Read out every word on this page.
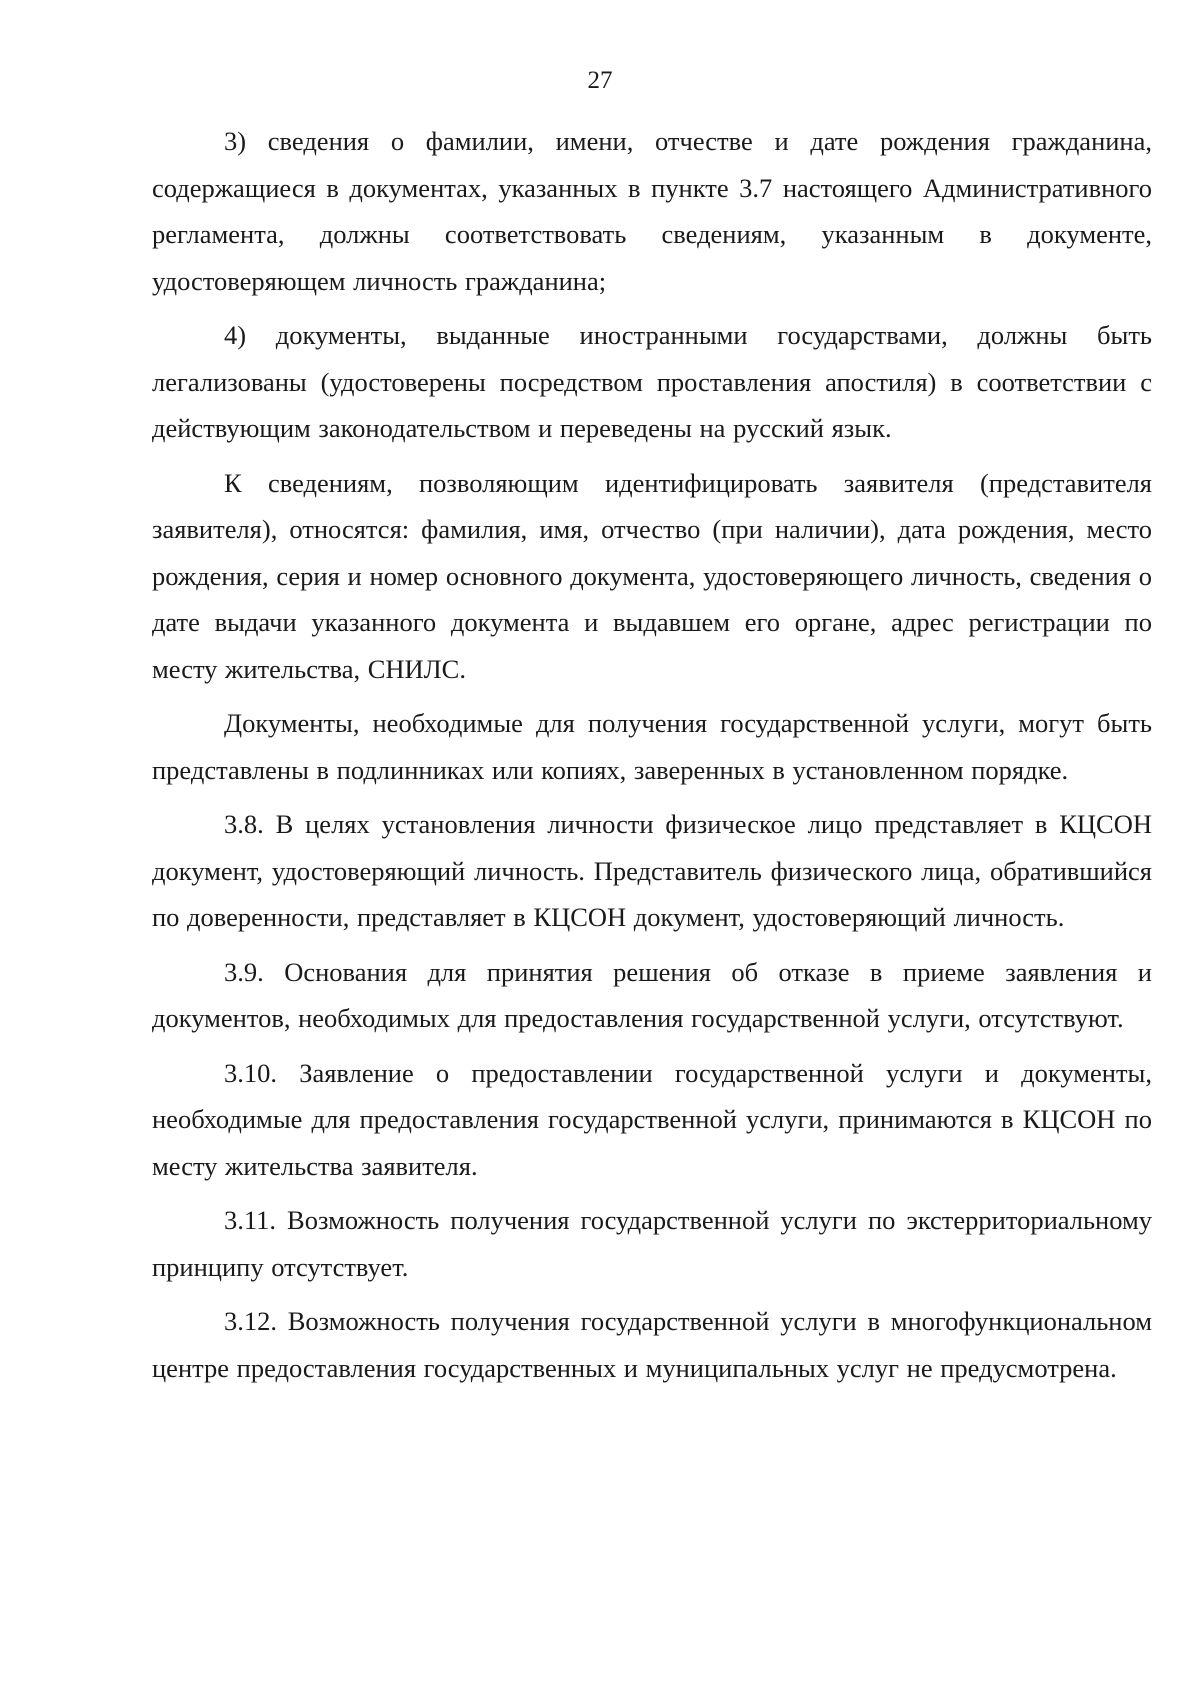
27

3) сведения о фамилии, имени, отчестве и дате рождения гражданина, содержащиеся в документах, указанных в пункте 3.7 настоящего Административного регламента, должны соответствовать сведениям, указанным в документе, удостоверяющем личность гражданина;

4) документы, выданные иностранными государствами, должны быть легализованы (удостоверены посредством проставления апостиля) в соответствии с действующим законодательством и переведены на русский язык.

К сведениям, позволяющим идентифицировать заявителя (представителя заявителя), относятся: фамилия, имя, отчество (при наличии), дата рождения, место рождения, серия и номер основного документа, удостоверяющего личность, сведения о дате выдачи указанного документа и выдавшем его органе, адрес регистрации по месту жительства, СНИЛС.

Документы, необходимые для получения государственной услуги, могут быть представлены в подлинниках или копиях, заверенных в установленном порядке.

3.8. В целях установления личности физическое лицо представляет в КЦСОН документ, удостоверяющий личность. Представитель физического лица, обратившийся по доверенности, представляет в КЦСОН документ, удостоверяющий личность.

3.9. Основания для принятия решения об отказе в приеме заявления и документов, необходимых для предоставления государственной услуги, отсутствуют.

3.10. Заявление о предоставлении государственной услуги и документы, необходимые для предоставления государственной услуги, принимаются в КЦСОН по месту жительства заявителя.

3.11. Возможность получения государственной услуги по экстерриториальному принципу отсутствует.

3.12. Возможность получения государственной услуги в многофункциональном центре предоставления государственных и муниципальных услуг не предусмотрена.
